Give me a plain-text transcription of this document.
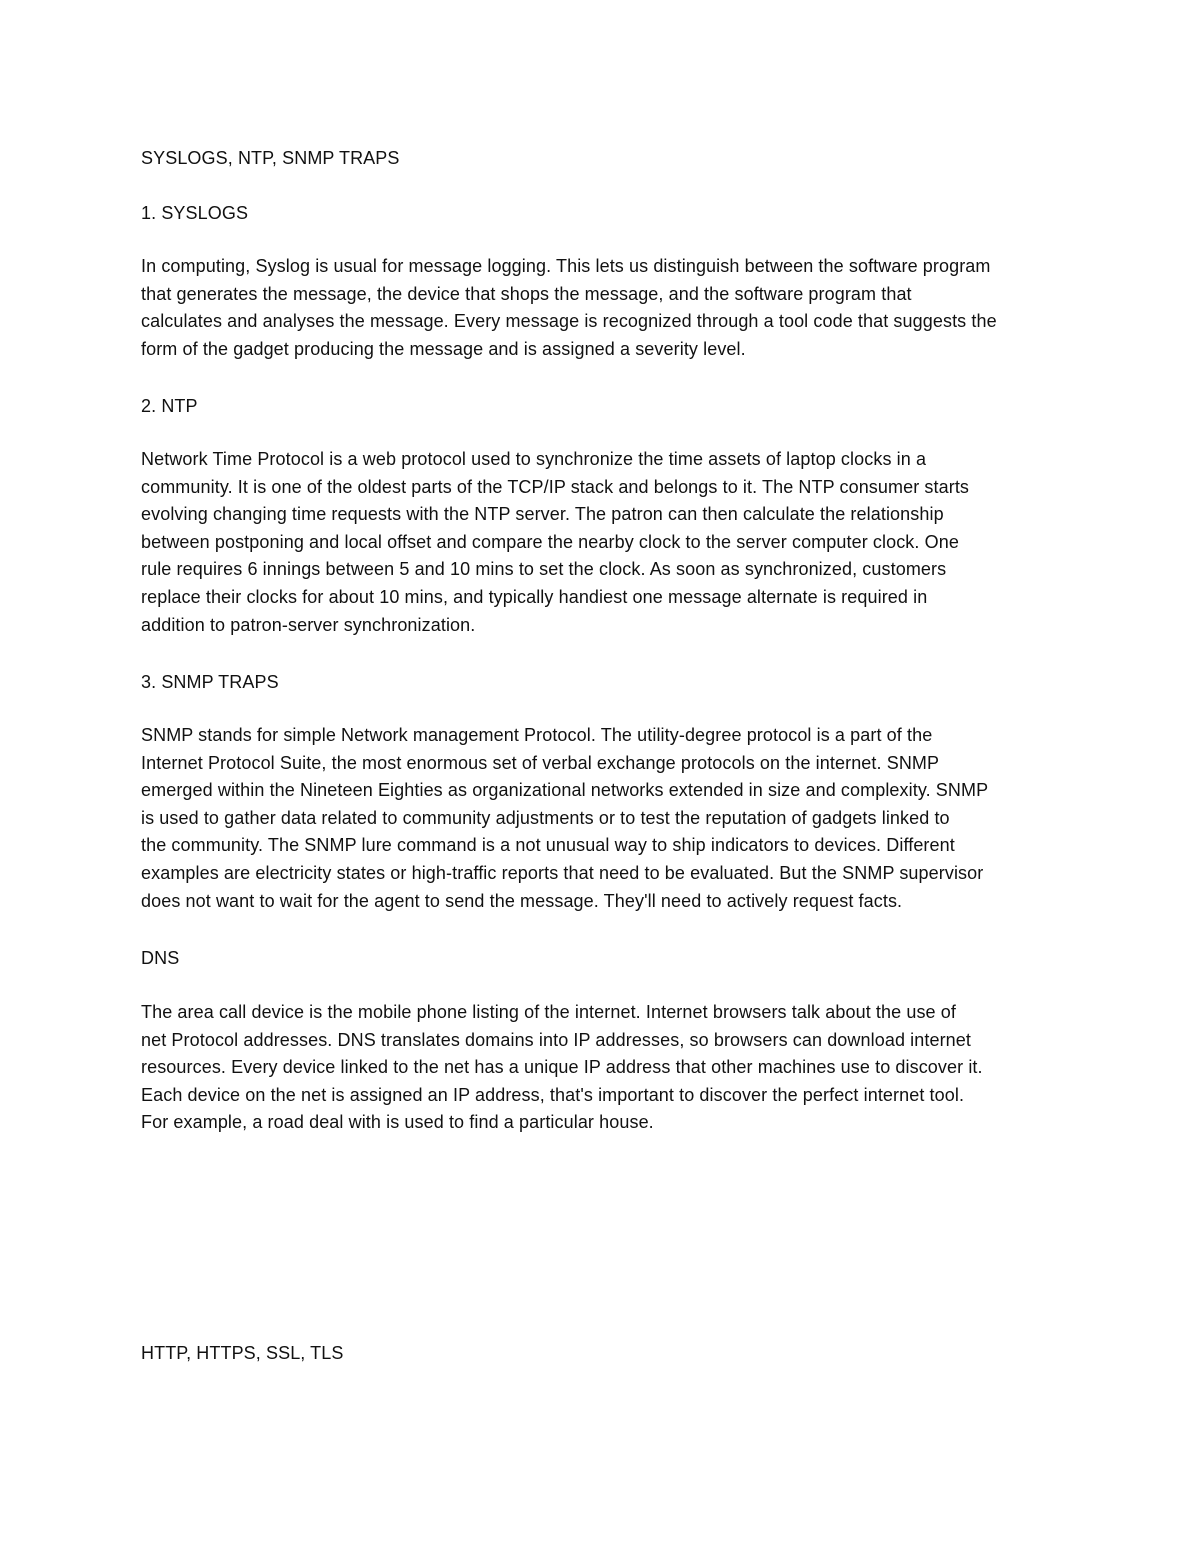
SYSLOGS, NTP, SNMP TRAPS

1. SYSLOGS

In computing, Syslog is usual for message logging. This lets us distinguish between the software program
that generates the message, the device that shops the message, and the software program that
calculates and analyses the message. Every message is recognized through a tool code that suggests the
form of the gadget producing the message and is assigned a severity level.

2. NTP

Network Time Protocol is a web protocol used to synchronize the time assets of laptop clocks in a
community. It is one of the oldest parts of the TCP/IP stack and belongs to it. The NTP consumer starts
evolving changing time requests with the NTP server. The patron can then calculate the relationship
between postponing and local offset and compare the nearby clock to the server computer clock. One
rule requires 6 innings between 5 and 10 mins to set the clock. As soon as synchronized, customers
replace their clocks for about 10 mins, and typically handiest one message alternate is required in
addition to patron-server synchronization.

3. SNMP TRAPS

SNMP stands for simple Network management Protocol. The utility-degree protocol is a part of the
Internet Protocol Suite, the most enormous set of verbal exchange protocols on the internet. SNMP
emerged within the Nineteen Eighties as organizational networks extended in size and complexity. SNMP
is used to gather data related to community adjustments or to test the reputation of gadgets linked to
the community. The SNMP lure command is a not unusual way to ship indicators to devices. Different
examples are electricity states or high-traffic reports that need to be evaluated. But the SNMP supervisor
does not want to wait for the agent to send the message. They'll need to actively request facts.

DNS

The area call device is the mobile phone listing of the internet. Internet browsers talk about the use of
net Protocol addresses. DNS translates domains into IP addresses, so browsers can download internet
resources. Every device linked to the net has a unique IP address that other machines use to discover it.
Each device on the net is assigned an IP address, that's important to discover the perfect internet tool.
For example, a road deal with is used to find a particular house.

HTTP, HTTPS, SSL, TLS
